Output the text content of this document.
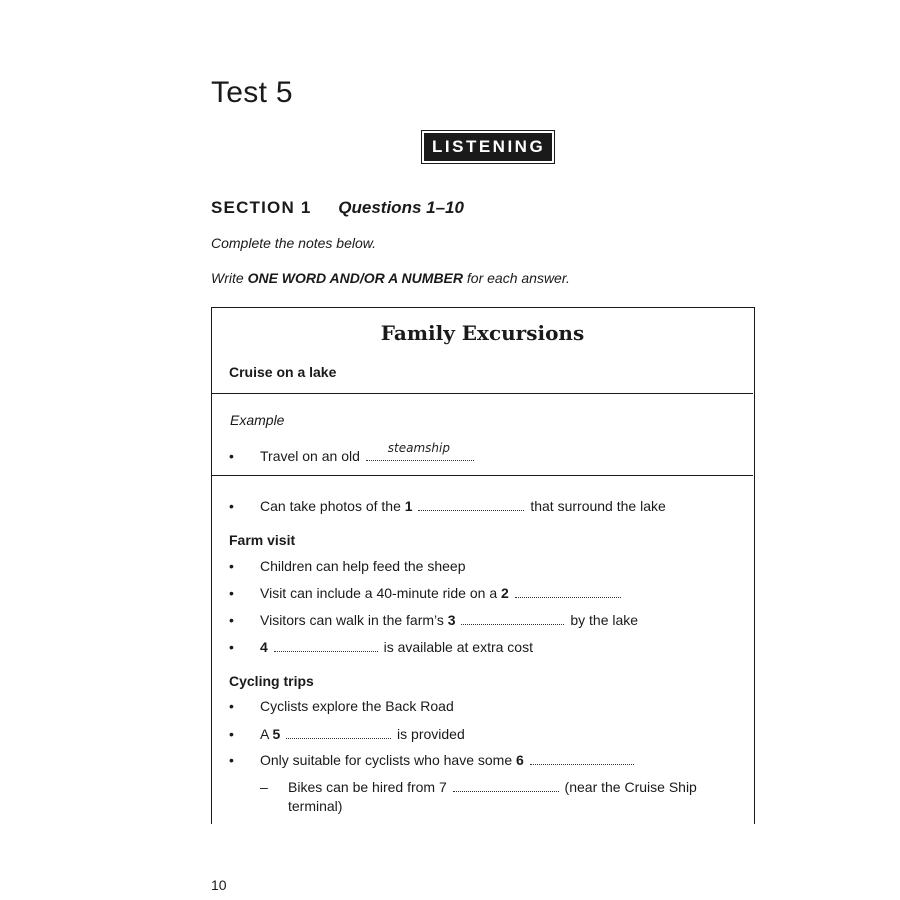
Test 5
LISTENING
SECTION 1 Questions 1–10
Complete the notes below.
Write ONE WORD AND/OR A NUMBER for each answer.
Family Excursions
Cruise on a lake
Example
• Travel on an old steamship
• Can take photos of the 1	that surround the lake
Farm visit
• Children can help feed the sheep
• Visit can include a 40-minute ride on a 2
• Visitors can walk in the farm’s 3	by the lake
• 4	is available at extra cost
Cycling trips
• Cyclists explore the Back Road
• A 5	is provided
• Only suitable for cyclists who have some 6
– Bikes can be hired from 7	(near the Cruise Ship
terminal)
10
